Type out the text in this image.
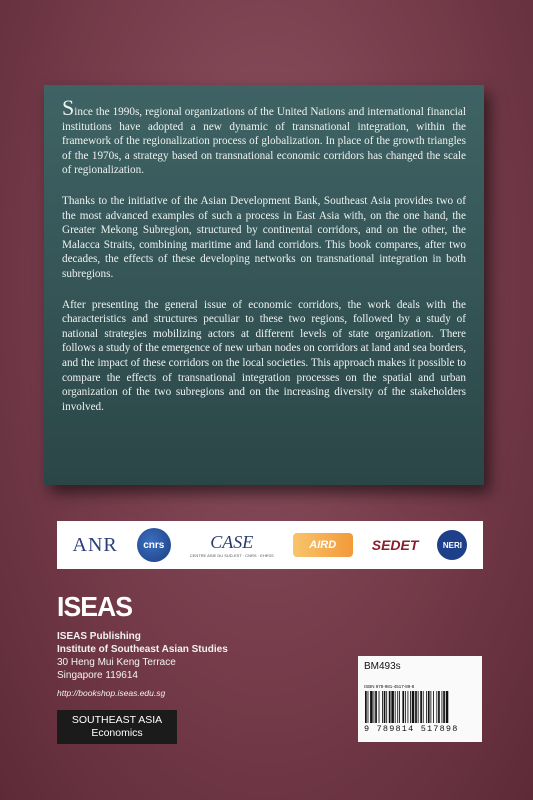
Since the 1990s, regional organizations of the United Nations and international financial institutions have adopted a new dynamic of transnational integration, within the framework of the regionalization process of globalization. In place of the growth triangles of the 1970s, a strategy based on transnational economic corridors has changed the scale of regionalization.

Thanks to the initiative of the Asian Development Bank, Southeast Asia provides two of the most advanced examples of such a process in East Asia with, on the one hand, the Greater Mekong Subregion, structured by continental corridors, and on the other, the Malacca Straits, combining maritime and land corridors. This book compares, after two decades, the effects of these developing networks on transnational integration in both subregions.

After presenting the general issue of economic corridors, the work deals with the characteristics and structures peculiar to these two regions, followed by a study of national strategies mobilizing actors at different levels of state organization. There follows a study of the emergence of new urban nodes on corridors at land and sea borders, and the impact of these corridors on the local societies. This approach makes it possible to compare the effects of transnational integration processes on the spatial and urban organization of the two subregions and on the increasing diversity of the stakeholders involved.

ANR	cnrs	CASE
CENTRE ASIE DU SUD-EST · CNRS · EHESS
AIRD	SEDET	NERI
ISEAS
ISEAS Publishing
Institute of Southeast Asian Studies
30 Heng Mui Keng Terrace
Singapore 119614
http://bookshop.iseas.edu.sg
SOUTHEAST ASIA
Economics
BM493s
ISBN 978-981-4517-89-8
9 789814 517898
